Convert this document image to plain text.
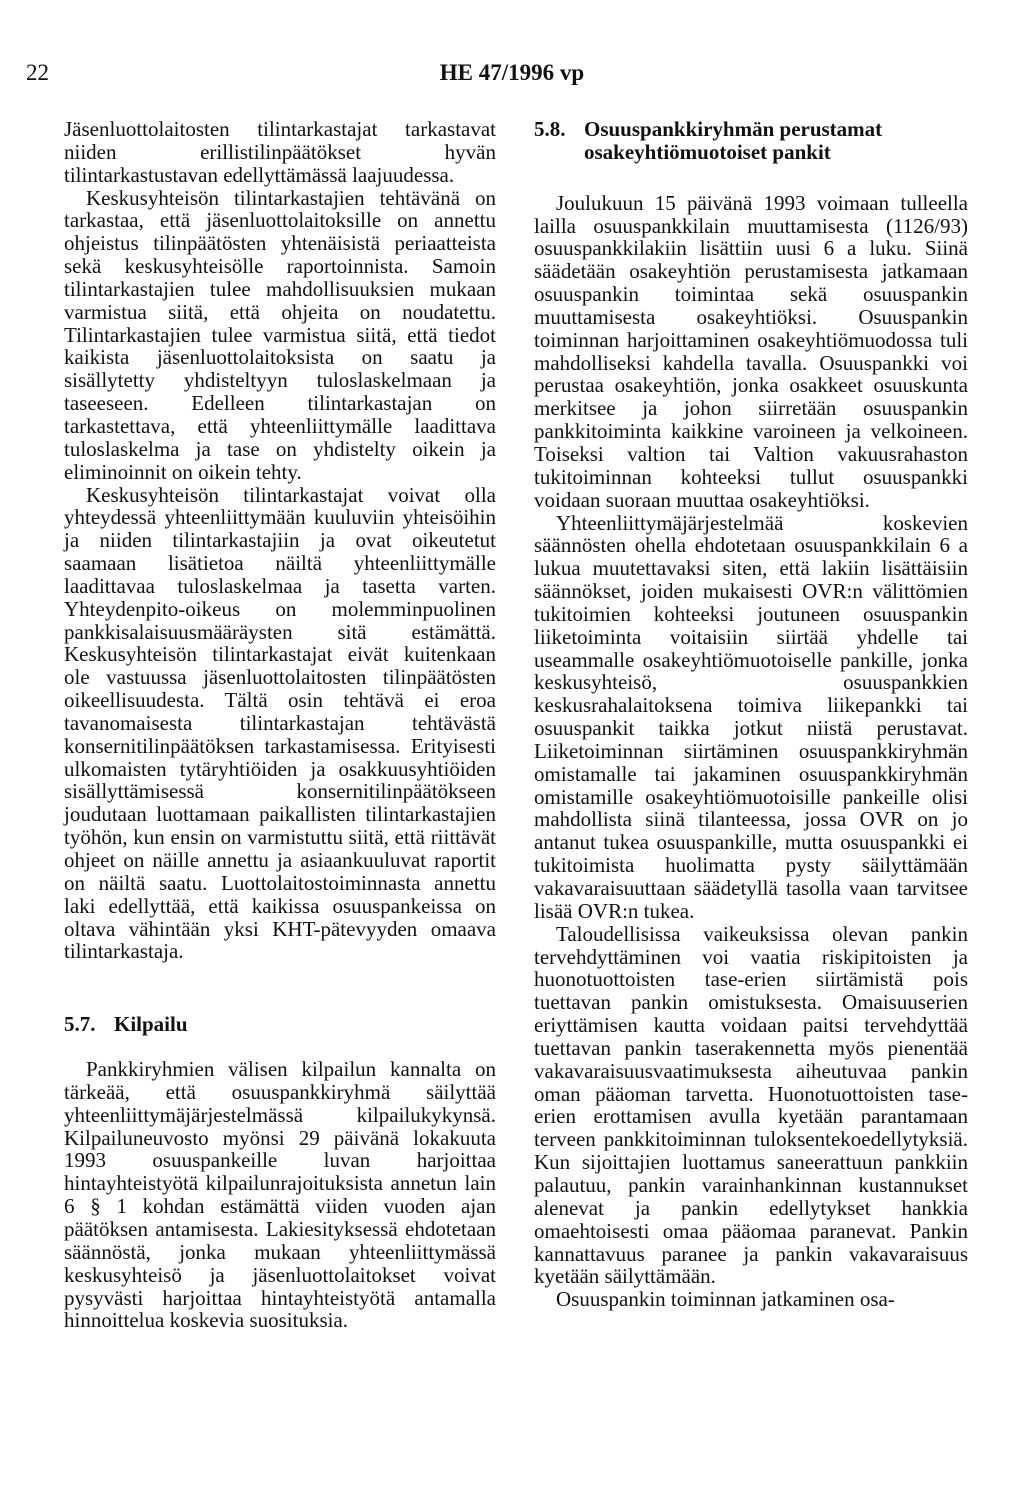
22	HE 47/1996 vp

Jäsenluottolaitosten tilintarkastajat tarkastavat niiden erillistilinpäätökset hyvän tilintarkastustavan edellyttämässä laajuudessa.

Keskusyhteisön tilintarkastajien tehtävänä on tarkastaa, että jäsenluottolaitoksille on annettu ohjeistus tilinpäätösten yhtenäisistä periaatteista sekä keskusyhteisölle raportoinnista. Samoin tilintarkastajien tulee mahdollisuuksien mukaan varmistua siitä, että ohjeita on noudatettu. Tilintarkastajien tulee varmistua siitä, että tiedot kaikista jäsenluottolaitoksista on saatu ja sisällytetty yhdisteltyyn tuloslaskelmaan ja taseeseen. Edelleen tilintarkastajan on tarkastettava, että yhteenliittymälle laadittava tuloslaskelma ja tase on yhdistelty oikein ja eliminoinnit on oikein tehty.

Keskusyhteisön tilintarkastajat voivat olla yhteydessä yhteenliittymään kuuluviin yhteisöihin ja niiden tilintarkastajiin ja ovat oikeutetut saamaan lisätietoa näiltä yhteenliittymälle laadittavaa tuloslaskelmaa ja tasetta varten. Yhteydenpito-oikeus on molemminpuolinen pankkisalaisuusmääräysten sitä estämättä. Keskusyhteisön tilintarkastajat eivät kuitenkaan ole vastuussa jäsenluottolaitosten tilinpäätösten oikeellisuudesta. Tältä osin tehtävä ei eroa tavanomaisesta tilintarkastajan tehtävästä konsernitilinpäätöksen tarkastamisessa. Erityisesti ulkomaisten tytäryhtiöiden ja osakkuusyhtiöiden sisällyttämisessä konsernitilinpäätökseen joudutaan luottamaan paikallisten tilintarkastajien työhön, kun ensin on varmistuttu siitä, että riittävät ohjeet on näille annettu ja asiaankuuluvat raportit on näiltä saatu. Luottolaitostoiminnasta annettu laki edellyttää, että kaikissa osuuspankeissa on oltava vähintään yksi KHT-pätevyyden omaava tilintarkastaja.

5.7. Kilpailu

Pankkiryhmien välisen kilpailun kannalta on tärkeää, että osuuspankkiryhmä säilyttää yhteenliittymäjärjestelmässä kilpailukykynsä. Kilpailuneuvosto myönsi 29 päivänä lokakuuta 1993 osuuspankeille luvan harjoittaa hintayhteistyötä kilpailunrajoituksista annetun lain 6 § 1 kohdan estämättä viiden vuoden ajan päätöksen antamisesta. Lakiesityksessä ehdotetaan säännöstä, jonka mukaan yhteenliittymässä keskusyhteisö ja jäsenluottolaitokset voivat pysyvästi harjoittaa hintayhteistyötä antamalla hinnoittelua koskevia suosituksia.

5.8. Osuuspankkiryhmän perustamat osakeyhtiömuotoiset pankit

Joulukuun 15 päivänä 1993 voimaan tulleella lailla osuuspankkilain muuttamisesta (1126/93) osuuspankkilakiin lisättiin uusi 6 a luku. Siinä säädetään osakeyhtiön perustamisesta jatkamaan osuuspankin toimintaa sekä osuuspankin muuttamisesta osakeyhtiöksi. Osuuspankin toiminnan harjoittaminen osakeyhtiömuodossa tuli mahdolliseksi kahdella tavalla. Osuuspankki voi perustaa osakeyhtiön, jonka osakkeet osuuskunta merkitsee ja johon siirretään osuuspankin pankkitoiminta kaikkine varoineen ja velkoineen. Toiseksi valtion tai Valtion vakuusrahaston tukitoiminnan kohteeksi tullut osuuspankki voidaan suoraan muuttaa osakeyhtiöksi.

Yhteenliittymäjärjestelmää koskevien säännösten ohella ehdotetaan osuuspankkilain 6 a lukua muutettavaksi siten, että lakiin lisättäisiin säännökset, joiden mukaisesti OVR:n välittömien tukitoimien kohteeksi joutuneen osuuspankin liiketoiminta voitaisiin siirtää yhdelle tai useammalle osakeyhtiömuotoiselle pankille, jonka keskusyhteisö, osuuspankkien keskusrahalaitoksena toimiva liikepankki tai osuuspankit taikka jotkut niistä perustavat. Liiketoiminnan siirtäminen osuuspankkiryhmän omistamalle tai jakaminen osuuspankkiryhmän omistamille osakeyhtiömuotoisille pankeille olisi mahdollista siinä tilanteessa, jossa OVR on jo antanut tukea osuuspankille, mutta osuuspankki ei tukitoimista huolimatta pysty säilyttämään vakavaraisuuttaan säädetyllä tasolla vaan tarvitsee lisää OVR:n tukea.

Taloudellisissa vaikeuksissa olevan pankin tervehdyttäminen voi vaatia riskipitoisten ja huonotuottoisten tase-erien siirtämistä pois tuettavan pankin omistuksesta. Omaisuuserien eriyttämisen kautta voidaan paitsi tervehdyttää tuettavan pankin taserakennetta myös pienentää vakavaraisuusvaatimuksesta aiheutuvaa pankin oman pääoman tarvetta. Huonotuottoisten tase-erien erottamisen avulla kyetään parantamaan terveen pankkitoiminnan tuloksentekoedellytyksiä. Kun sijoittajien luottamus saneerattuun pankkiin palautuu, pankin varainhankinnan kustannukset alenevat ja pankin edellytykset hankkia omaehtoisesti omaa pääomaa paranevat. Pankin kannattavuus paranee ja pankin vakavaraisuus kyetään säilyttämään.

Osuuspankin toiminnan jatkaminen osa-
